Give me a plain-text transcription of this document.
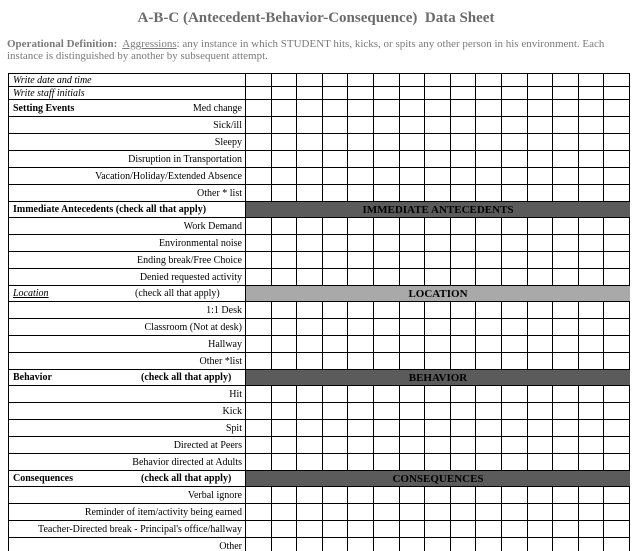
A-B-C (Antecedent-Behavior-Consequence)  Data Sheet
Operational Definition: Aggressions: any instance in which STUDENT hits, kicks, or spits any other person in his environment. Each instance is distinguished by another by subsequent attempt.
Write date and time
Write staff initials
Setting Events	Med change
Sick/ill
Sleepy
Disruption in Transportation
Vacation/Holiday/Extended Absence
Other * list
Immediate Antecedents (check all that apply)	IMMEDIATE ANTECEDENTS
Work Demand
Environmental noise
Ending break/Free Choice
Denied requested activity
Location	(check all that apply)	LOCATION
1:1 Desk
Classroom (Not at desk)
Hallway
Other *list
Behavior	(check all that apply)	BEHAVIOR
Hit
Kick
Spit
Directed at Peers
Behavior directed at Adults
Consequences	(check all that apply)	CONSEQUENCES
Verbal ignore
Reminder of item/activity being earned
Teacher-Directed break - Principal's office/hallway
Other
